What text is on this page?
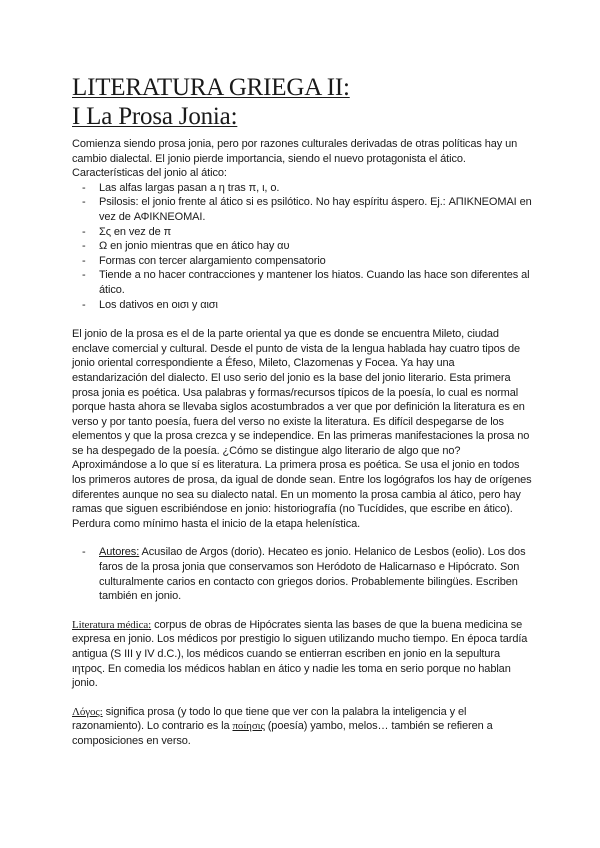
LITERATURA GRIEGA II:
I La Prosa Jonia:

Comienza siendo prosa jonia, pero por razones culturales derivadas de otras políticas hay un cambio dialectal. El jonio pierde importancia, siendo el nuevo protagonista el ático.

Características del jonio al ático:

- Las alfas largas pasan a η tras π, ι, ο.
- Psilosis: el jonio frente al ático si es psilótico. No hay espíritu áspero. Ej.: ΑΠΙΚΝΕΟΜΑΙ en vez de ΑΦΙΚΝΕΟΜΑΙ.
- Σς en vez de π
- Ω en jonio mientras que en ático hay αυ
- Formas con tercer alargamiento compensatorio
- Tiende a no hacer contracciones y mantener los hiatos. Cuando las hace son diferentes al ático.
- Los dativos en οισι y αισι

El jonio de la prosa es el de la parte oriental ya que es donde se encuentra Mileto, ciudad enclave comercial y cultural. Desde el punto de vista de la lengua hablada hay cuatro tipos de jonio oriental correspondiente a Éfeso, Mileto, Clazomenas y Focea. Ya hay una estandarización del dialecto. El uso serio del jonio es la base del jonio literario. Esta primera prosa jonia es poética. Usa palabras y formas/recursos típicos de la poesía, lo cual es normal porque hasta ahora se llevaba siglos acostumbrados a ver que por definición la literatura es en verso y por tanto poesía, fuera del verso no existe la literatura. Es difícil despegarse de los elementos y que la prosa crezca y se independice. En las primeras manifestaciones la prosa no se ha despegado de la poesía. ¿Cómo se distingue algo literario de algo que no? Aproximándose a lo que sí es literatura. La primera prosa es poética. Se usa el jonio en todos los primeros autores de prosa, da igual de donde sean. Entre los logógrafos los hay de orígenes diferentes aunque no sea su dialecto natal. En un momento la prosa cambia al ático, pero hay ramas que siguen escribiéndose en jonio: historiografía (no Tucídides, que escribe en ático). Perdura como mínimo hasta el inicio de la etapa helenística.

- Autores: Acusilao de Argos (dorio). Hecateo es jonio. Helanico de Lesbos (eolio). Los dos faros de la prosa jonia que conservamos son Heródoto de Halicarnaso e Hipócrato. Son culturalmente carios en contacto con griegos dorios. Probablemente bilingües. Escriben también en jonio.

Literatura médica: corpus de obras de Hipócrates sienta las bases de que la buena medicina se expresa en jonio. Los médicos por prestigio lo siguen utilizando mucho tiempo. En época tardía antigua (S III y IV d.C.), los médicos cuando se entierran escriben en jonio en la sepultura ιητρος. En comedia los médicos hablan en ático y nadie les toma en serio porque no hablan jonio.

Λόγος: significa prosa (y todo lo que tiene que ver con la palabra la inteligencia y el razonamiento). Lo contrario es la ποίησις (poesía) yambo, melos… también se refieren a composiciones en verso.
